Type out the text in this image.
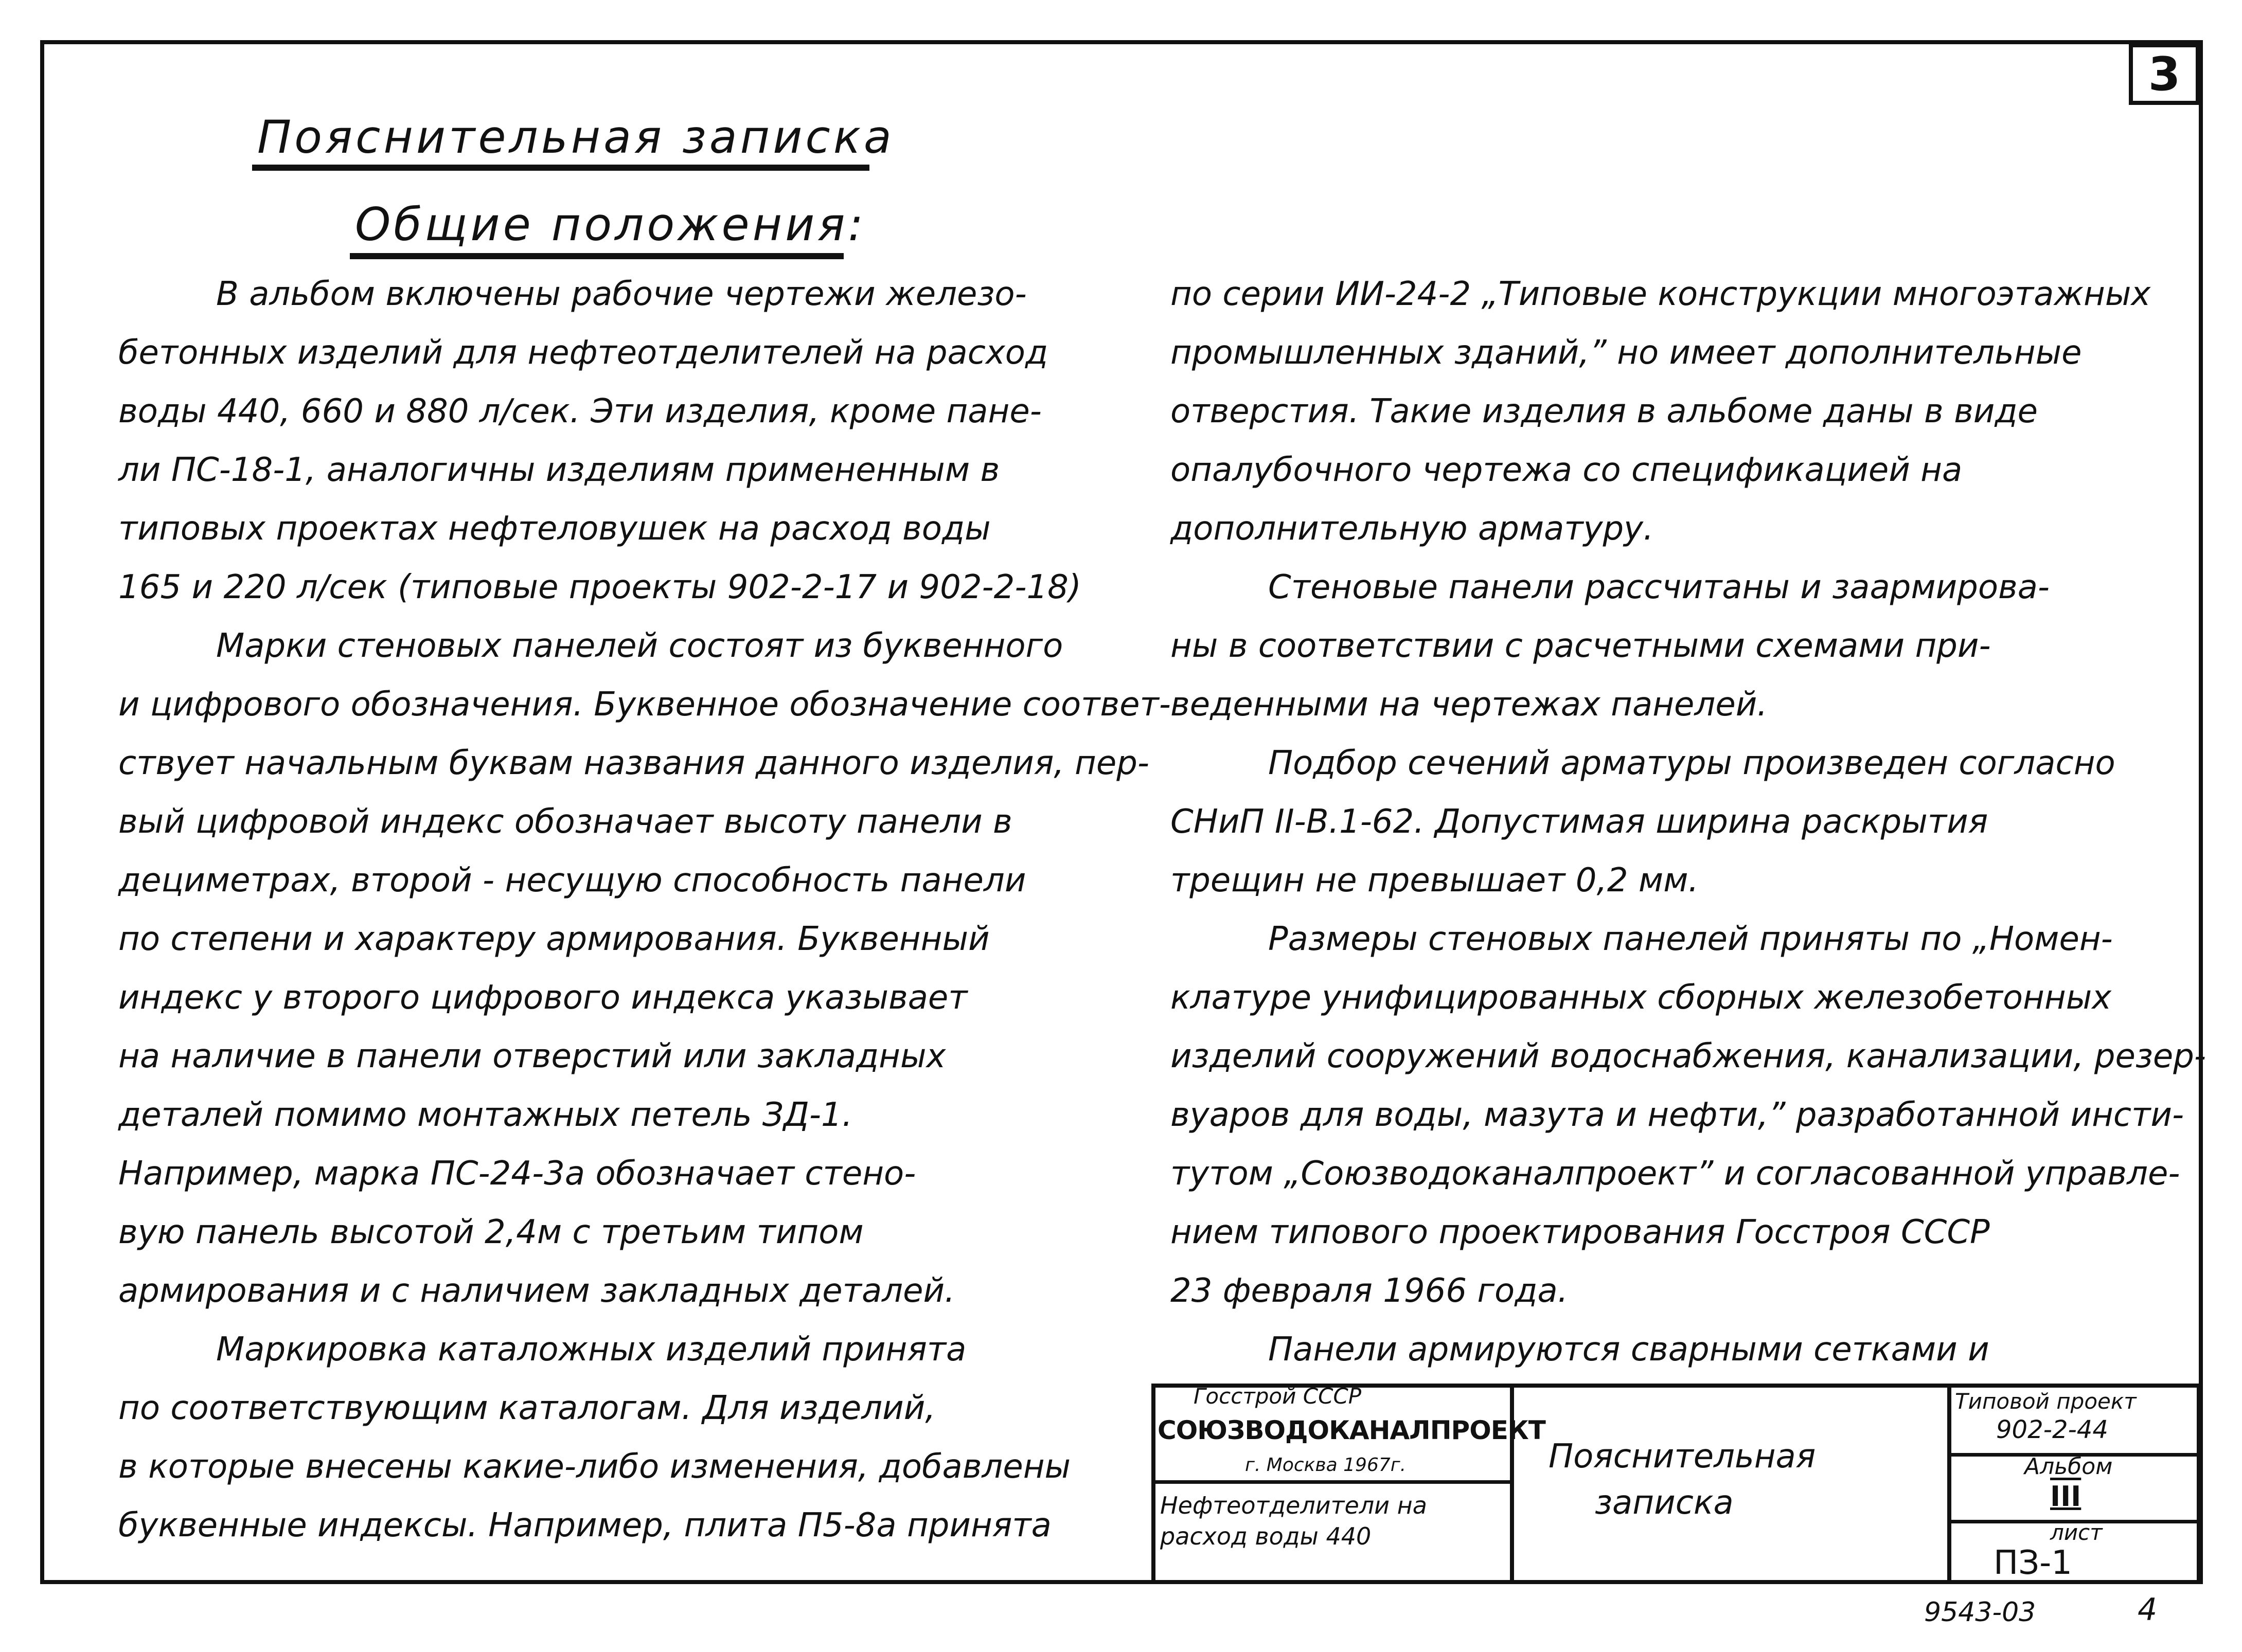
3
Пояснительная записка
Общие положения:
В альбом включены рабочие чертежи железо-
бетонных изделий для нефтеотделителей на расход
воды 440, 660 и 880 л/сек. Эти изделия, кроме пане-
ли ПС-18-1, аналогичны изделиям примененным в
типовых проектах нефтеловушек на расход воды
165 и 220 л/сек (типовые проекты 902-2-17 и 902-2-18)
Марки стеновых панелей состоят из буквенного
и цифрового обозначения. Буквенное обозначение соответ-
ствует начальным буквам названия данного изделия, пер-
вый цифровой индекс обозначает высоту панели в
дециметрах, второй - несущую способность панели
по степени и характеру армирования. Буквенный
индекс у второго цифрового индекса указывает
на наличие в панели отверстий или закладных
деталей помимо монтажных петель ЗД-1.
Например, марка ПС-24-3а обозначает стено-
вую панель высотой 2,4м с третьим типом
армирования и с наличием закладных деталей.
Маркировка каталожных изделий принята
по соответствующим каталогам. Для изделий,
в которые внесены какие-либо изменения, добавлены
буквенные индексы. Например, плита П5-8а принята
по серии ИИ-24-2 „Типовые конструкции многоэтажных
промышленных зданий,” но имеет дополнительные
отверстия. Такие изделия в альбоме даны в виде
опалубочного чертежа со спецификацией на
дополнительную арматуру.
Стеновые панели рассчитаны и заармирова-
ны в соответствии с расчетными схемами при-
веденными на чертежах панелей.
Подбор сечений арматуры произведен согласно
СНиП II-В.1-62. Допустимая ширина раскрытия
трещин не превышает 0,2 мм.
Размеры стеновых панелей приняты по „Номен-
клатуре унифицированных сборных железобетонных
изделий сооружений водоснабжения, канализации, резер-
вуаров для воды, мазута и нефти,” разработанной инсти-
тутом „Союзводоканалпроект” и согласованной управле-
нием типового проектирования Госстроя СССР
23 февраля 1966 года.
Панели армируются сварными сетками и
Госстрой СССР
СОЮЗВОДОКАНАЛПРОЕКТ
г. Москва 1967г.
Нефтеотделители на
расход воды 440
Пояснительная
записка
Типовой проект
902-2-44
Альбом
III
лист
ПЗ-1
9543-03	4
